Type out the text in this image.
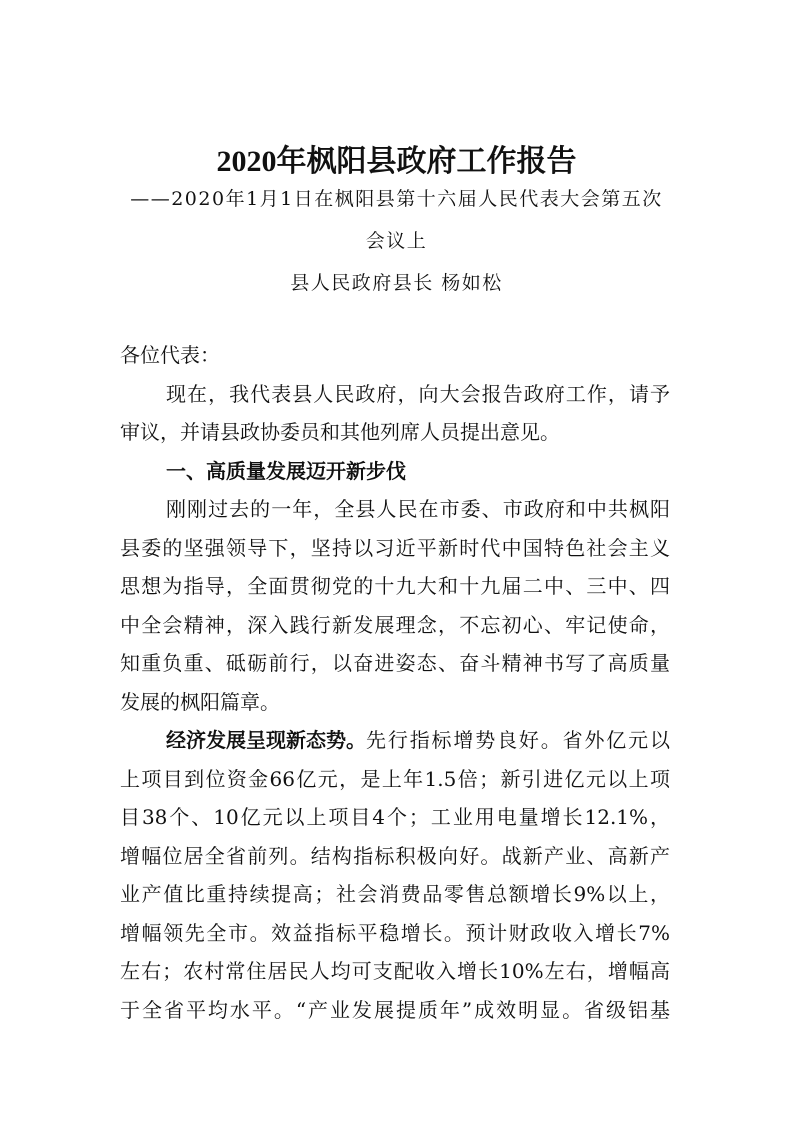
2020年枫阳县政府工作报告
——2020年1月1日在枫阳县第十六届人民代表大会第五次
会议上
县人民政府县长 杨如松
各位代表：
现在，我代表县人民政府，向大会报告政府工作，请予
审议，并请县政协委员和其他列席人员提出意见。
一、高质量发展迈开新步伐
刚刚过去的一年，全县人民在市委、市政府和中共枫阳
县委的坚强领导下，坚持以习近平新时代中国特色社会主义
思想为指导，全面贯彻党的十九大和十九届二中、三中、四
中全会精神，深入践行新发展理念，不忘初心、牢记使命，
知重负重、砥砺前行，以奋进姿态、奋斗精神书写了高质量
发展的枫阳篇章。
经济发展呈现新态势。 先行指标增势良好。省外亿元以
上项目到位资金66亿元，是上年1.5倍；新引进亿元以上项
目38个、10亿元以上项目4个；工业用电量增长12.1%，
增幅位居全省前列。结构指标积极向好。战新产业、高新产
业产值比重持续提高；社会消费品零售总额增长9%以上，
增幅领先全市。效益指标平稳增长。预计财政收入增长7%
左右；农村常住居民人均可支配收入增长10%左右，增幅高
于全省平均水平。“产业发展提质年”成效明显。省级铝基
